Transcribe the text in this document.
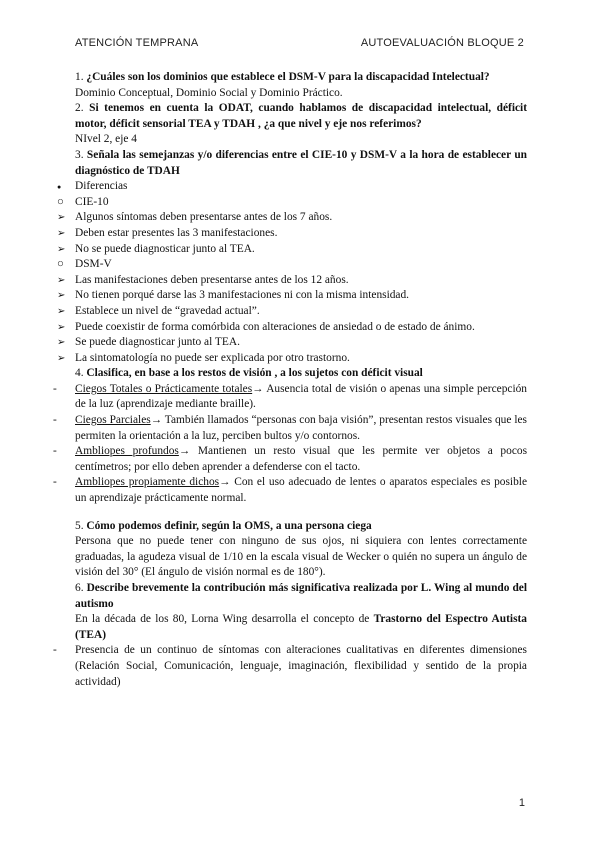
ATENCIÓN TEMPRANA	AUTOEVALUACIÓN BLOQUE 2

1. ¿Cuáles son los dominios que establece el DSM-V para la discapacidad Intelectual?

Dominio Conceptual, Dominio Social y Dominio Práctico.

2. Si tenemos en cuenta la ODAT, cuando hablamos de discapacidad intelectual, déficit motor, déficit sensorial TEA y TDAH , ¿a que nivel y eje nos referimos?

NIvel 2, eje 4

3. Señala las semejanzas y/o diferencias entre el CIE-10 y DSM-V a la hora de establecer un diagnóstico de TDAH

● Diferencias

○ CIE-10

➢ Algunos síntomas deben presentarse antes de los 7 años.

➢ Deben estar presentes las 3 manifestaciones.

➢ No se puede diagnosticar junto al TEA.

○ DSM-V

➢ Las manifestaciones deben presentarse antes de los 12 años.

➢ No tienen porqué darse las 3 manifestaciones ni con la misma intensidad.

➢ Establece un nivel de “gravedad actual”.

➢ Puede coexistir de forma comórbida con alteraciones de ansiedad o de estado de ánimo.

➢ Se puede diagnosticar junto al TEA.

➢ La sintomatología no puede ser explicada por otro trastorno.

4. Clasifica, en base a los restos de visión , a los sujetos con déficit visual

- Ciegos Totales o Prácticamente totales→ Ausencia total de visión o apenas una simple percepción de la luz (aprendizaje mediante braille).

- Ciegos Parciales→ También llamados “personas con baja visión”, presentan restos visuales que les permiten la orientación a la luz, perciben bultos y/o contornos.

- Ambliopes profundos→ Mantienen un resto visual que les permite ver objetos a pocos centímetros; por ello deben aprender a defenderse con el tacto.

- Ambliopes propiamente dichos→ Con el uso adecuado de lentes o aparatos especiales es posible un aprendizaje prácticamente normal.

5. Cómo podemos definir, según la OMS, a una persona ciega

Persona que no puede tener con ninguno de sus ojos, ni siquiera con lentes correctamente graduadas, la agudeza visual de 1/10 en la escala visual de Wecker o quién no supera un ángulo de visión del 30° (El ángulo de visión normal es de 180°).

6. Describe brevemente la contribución más significativa realizada por L. Wing al mundo del autismo

En la década de los 80, Lorna Wing desarrolla el concepto de Trastorno del Espectro Autista (TEA)

- Presencia de un continuo de síntomas con alteraciones cualitativas en diferentes dimensiones (Relación Social, Comunicación, lenguaje, imaginación, flexibilidad y sentido de la propia actividad)

1
